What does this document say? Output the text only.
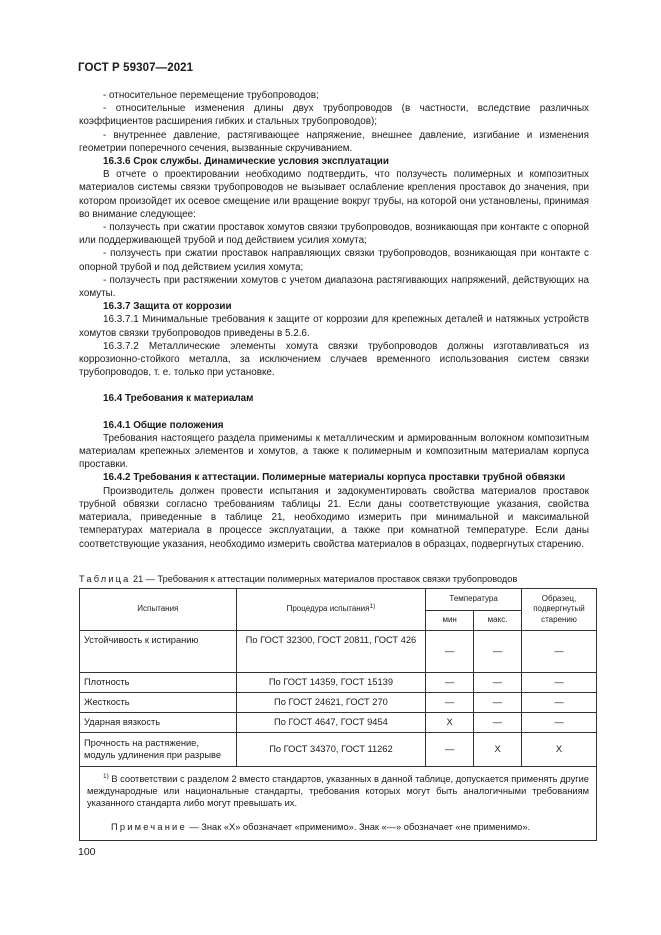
ГОСТ Р 59307—2021

- относительное перемещение трубопроводов;

- относительные изменения длины двух трубопроводов (в частности, вследствие различных коэффициентов расширения гибких и стальных трубопроводов);

- внутреннее давление, растягивающее напряжение, внешнее давление, изгибание и изменения геометрии поперечного сечения, вызванные скручиванием.

16.3.6 Срок службы. Динамические условия эксплуатации

В отчете о проектировании необходимо подтвердить, что ползучесть полимерных и композитных материалов системы связки трубопроводов не вызывает ослабление крепления проставок до значения, при котором произойдет их осевое смещение или вращение вокруг трубы, на которой они установлены, принимая во внимание следующее:

- ползучесть при сжатии проставок хомутов связки трубопроводов, возникающая при контакте с опорной или поддерживающей трубой и под действием усилия хомута;

- ползучесть при сжатии проставок направляющих связки трубопроводов, возникающая при контакте с опорной трубой и под действием усилия хомута;

- ползучесть при растяжении хомутов с учетом диапазона растягивающих напряжений, действующих на хомуты.

16.3.7 Защита от коррозии

16.3.7.1 Минимальные требования к защите от коррозии для крепежных деталей и натяжных устройств хомутов связки трубопроводов приведены в 5.2.6.

16.3.7.2 Металлические элементы хомута связки трубопроводов должны изготавливаться из коррозионно-стойкого металла, за исключением случаев временного использования систем связки трубопроводов, т. е. только при установке.

16.4 Требования к материалам

16.4.1 Общие положения

Требования настоящего раздела применимы к металлическим и армированным волокном композитным материалам крепежных элементов и хомутов, а также к полимерным и композитным материалам корпуса проставки.

16.4.2 Требования к аттестации. Полимерные материалы корпуса проставки трубной обвязки

Производитель должен провести испытания и задокументировать свойства материалов проставок трубной обвязки согласно требованиям таблицы 21. Если даны соответствующие указания, свойства материала, приведенные в таблице 21, необходимо измерить при минимальной и максимальной температурах материала в процессе эксплуатации, а также при комнатной температуре. Если даны соответствующие указания, необходимо измерить свойства материалов в образцах, подвергнутых старению.

Таблица 21 — Требования к аттестации полимерных материалов проставок связки трубопроводов
Испытания	Процедура испытания$^{1)}$	Температура		Образец, подвергнутый старению
		мин	макс.	
Устойчивость к истиранию	По ГОСТ 32300, ГОСТ 20811, ГОСТ 426	—	—	—
Плотность	По ГОСТ 14359, ГОСТ 15139	—	—	—
Жесткость	По ГОСТ 24621, ГОСТ 270	—	—	—
Ударная вязкость	По ГОСТ 4647, ГОСТ 9454	X	—	—
Прочность на растяжение, модуль удлинения при разрыве	По ГОСТ 34370, ГОСТ 11262	—	X	X

$^{1)}$ В соответствии с разделом 2 вместо стандартов, указанных в данной таблице, допускается применять другие международные или национальные стандарты, требования которых могут быть аналогичными требованиям указанного стандарта либо могут превышать их.
Примечание — Знак «X» обозначает «применимо». Знак «—» обозначает «не применимо».				
100
